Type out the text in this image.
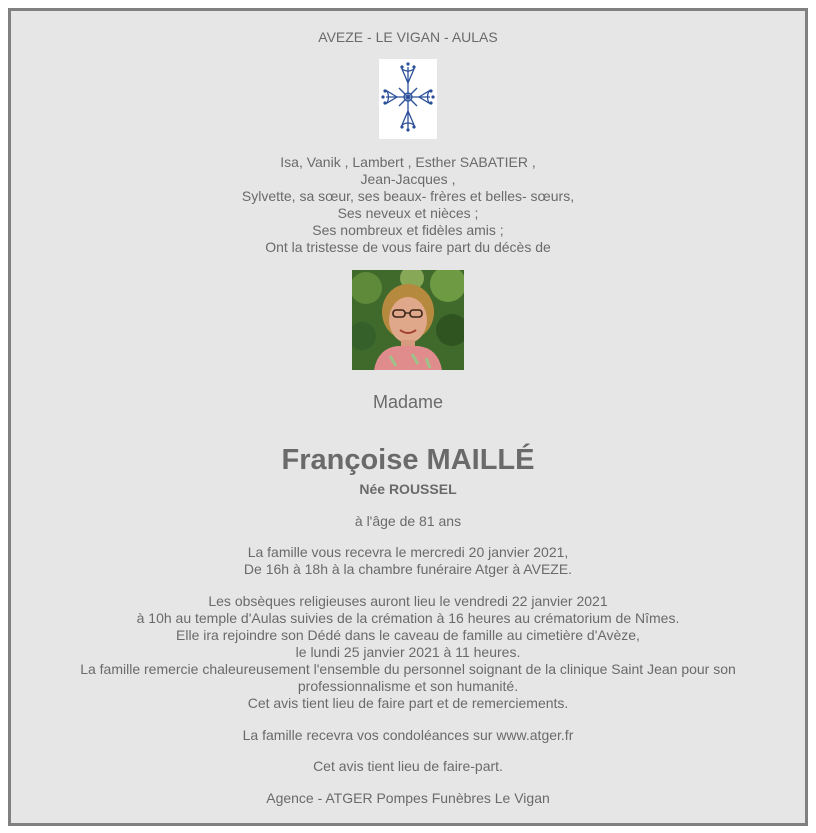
AVEZE - LE VIGAN - AULAS
Isa, Vanik , Lambert , Esther SABATIER ,
Jean-Jacques ,
Sylvette, sa sœur, ses beaux- frères et belles- sœurs,
Ses neveux et nièces ;
Ses nombreux et fidèles amis ;
Ont la tristesse de vous faire part du décès de
Madame
Françoise MAILLÉ
Née ROUSSEL
à l'âge de 81 ans
La famille vous recevra le mercredi 20 janvier 2021,
De 16h à 18h à la chambre funéraire Atger à AVEZE.
Les obsèques religieuses auront lieu le vendredi 22 janvier 2021
à 10h au temple d'Aulas suivies de la crémation à 16 heures au crématorium de Nîmes.
Elle ira rejoindre son Dédé dans le caveau de famille au cimetière d'Avèze,
le lundi 25 janvier 2021 à 11 heures.
La famille remercie chaleureusement l'ensemble du personnel soignant de la clinique Saint Jean pour son
professionnalisme et son humanité.
Cet avis tient lieu de faire part et de remerciements.
La famille recevra vos condoléances sur www.atger.fr
Cet avis tient lieu de faire-part.
Agence - ATGER Pompes Funèbres Le Vigan
